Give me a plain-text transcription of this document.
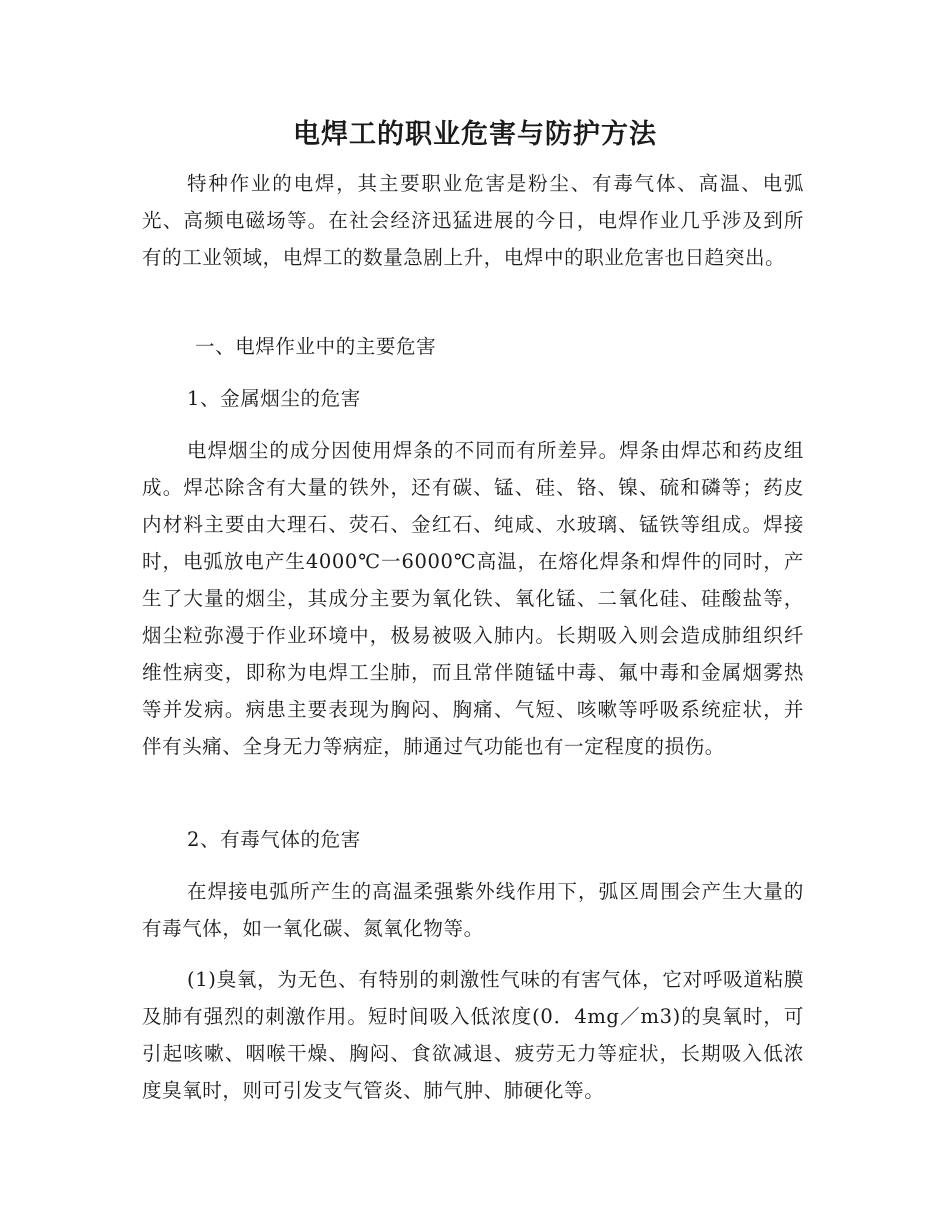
电焊工的职业危害与防护方法

特种作业的电焊，其主要职业危害是粉尘、有毒气体、高温、电弧光、高频电磁场等。在社会经济迅猛进展的今日，电焊作业几乎涉及到所有的工业领域，电焊工的数量急剧上升，电焊中的职业危害也日趋突出。

一、电焊作业中的主要危害

1、金属烟尘的危害

电焊烟尘的成分因使用焊条的不同而有所差异。焊条由焊芯和药皮组成。焊芯除含有大量的铁外，还有碳、锰、硅、铬、镍、硫和磷等；药皮内材料主要由大理石、荧石、金红石、纯咸、水玻璃、锰铁等组成。焊接时，电弧放电产生4000℃一6000℃高温，在熔化焊条和焊件的同时，产生了大量的烟尘，其成分主要为氧化铁、氧化锰、二氧化硅、硅酸盐等，烟尘粒弥漫于作业环境中，极易被吸入肺内。长期吸入则会造成肺组织纤维性病变，即称为电焊工尘肺，而且常伴随锰中毒、氟中毒和金属烟雾热等并发病。病患主要表现为胸闷、胸痛、气短、咳嗽等呼吸系统症状，并伴有头痛、全身无力等病症，肺通过气功能也有一定程度的损伤。

2、有毒气体的危害

在焊接电弧所产生的高温柔强紫外线作用下，弧区周围会产生大量的有毒气体，如一氧化碳、氮氧化物等。

(1)臭氧，为无色、有特别的刺激性气味的有害气体，它对呼吸道粘膜及肺有强烈的刺激作用。短时间吸入低浓度(0．4mg／m3)的臭氧时，可引起咳嗽、咽喉干燥、胸闷、食欲减退、疲劳无力等症状，长期吸入低浓度臭氧时，则可引发支气管炎、肺气肿、肺硬化等。
